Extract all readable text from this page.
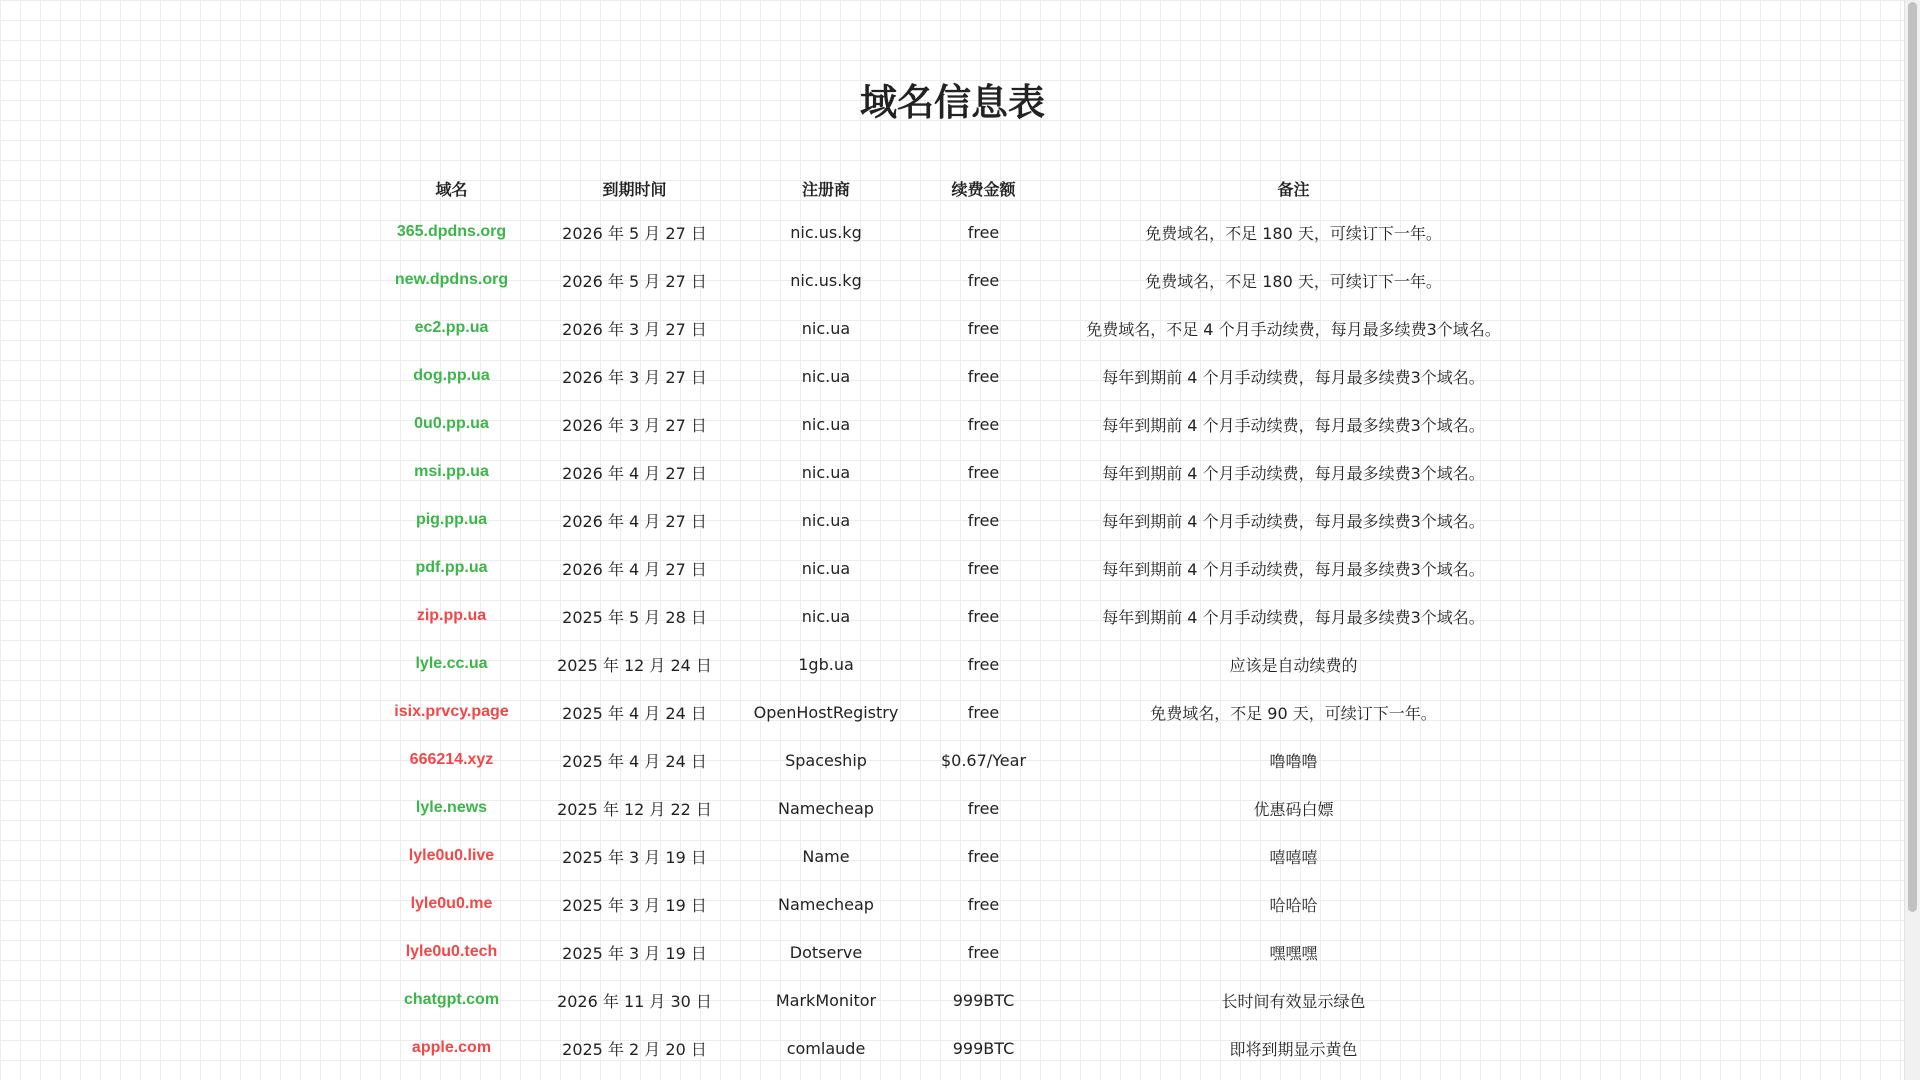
域名信息表
域名	到期时间	注册商	续费金额	备注
365.dpdns.org	2026 年 5 月 27 日	nic.us.kg	free	免费域名，不足 180 天，可续订下一年。
new.dpdns.org	2026 年 5 月 27 日	nic.us.kg	free	免费域名，不足 180 天，可续订下一年。
ec2.pp.ua	2026 年 3 月 27 日	nic.ua	free	免费域名，不足 4 个月手动续费，每月最多续费3个域名。
dog.pp.ua	2026 年 3 月 27 日	nic.ua	free	每年到期前 4 个月手动续费，每月最多续费3个域名。
0u0.pp.ua	2026 年 3 月 27 日	nic.ua	free	每年到期前 4 个月手动续费，每月最多续费3个域名。
msi.pp.ua	2026 年 4 月 27 日	nic.ua	free	每年到期前 4 个月手动续费，每月最多续费3个域名。
pig.pp.ua	2026 年 4 月 27 日	nic.ua	free	每年到期前 4 个月手动续费，每月最多续费3个域名。
pdf.pp.ua	2026 年 4 月 27 日	nic.ua	free	每年到期前 4 个月手动续费，每月最多续费3个域名。
zip.pp.ua	2025 年 5 月 28 日	nic.ua	free	每年到期前 4 个月手动续费，每月最多续费3个域名。
lyle.cc.ua	2025 年 12 月 24 日	1gb.ua	free	应该是自动续费的
isix.prvcy.page	2025 年 4 月 24 日	OpenHostRegistry	free	免费域名，不足 90 天，可续订下一年。
666214.xyz	2025 年 4 月 24 日	Spaceship	$0.67/Year	噜噜噜
lyle.news	2025 年 12 月 22 日	Namecheap	free	优惠码白嫖
lyle0u0.live	2025 年 3 月 19 日	Name	free	嘻嘻嘻
lyle0u0.me	2025 年 3 月 19 日	Namecheap	free	哈哈哈
lyle0u0.tech	2025 年 3 月 19 日	Dotserve	free	嘿嘿嘿
chatgpt.com	2026 年 11 月 30 日	MarkMonitor	999BTC	长时间有效显示绿色
apple.com	2025 年 2 月 20 日	comlaude	999BTC	即将到期显示黄色
